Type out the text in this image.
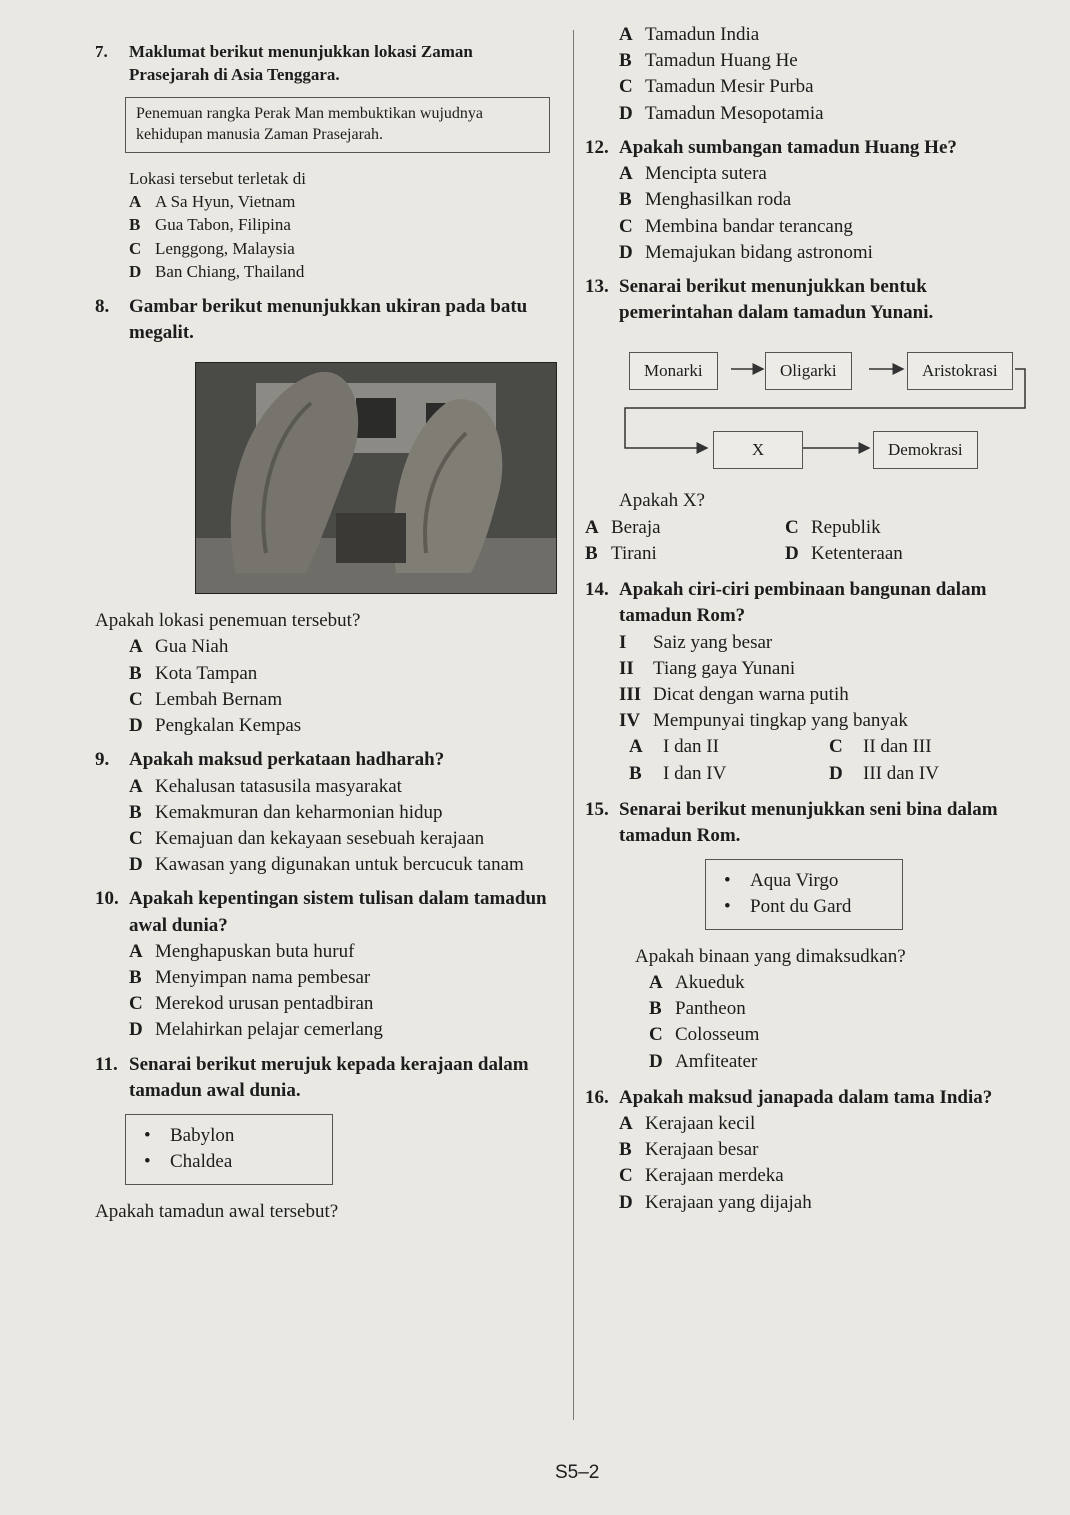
7.	Maklumat berikut menunjukkan lokasi Zaman Prasejarah di Asia Tenggara.
Penemuan rangka Perak Man membuktikan wujudnya kehidupan manusia Zaman Prasejarah.
Lokasi tersebut terletak di
A A Sa Hyun, Vietnam
B Gua Tabon, Filipina
C Lenggong, Malaysia
D Ban Chiang, Thailand
8.	Gambar berikut menunjukkan ukiran pada batu megalit.
Apakah lokasi penemuan tersebut?
A Gua Niah
B Kota Tampan
C Lembah Bernam
D Pengkalan Kempas
9.	Apakah maksud perkataan hadharah?
A Kehalusan tatasusila masyarakat
B Kemakmuran dan keharmonian hidup
C Kemajuan dan kekayaan sesebuah kerajaan
D Kawasan yang digunakan untuk bercucuk tanam
10. Apakah kepentingan sistem tulisan dalam tamadun awal dunia?
A Menghapuskan buta huruf
B Menyimpan nama pembesar
C Merekod urusan pentadbiran
D Melahirkan pelajar cemerlang
11. Senarai berikut merujuk kepada kerajaan dalam tamadun awal dunia.
• Babylon
• Chaldea
Apakah tamadun awal tersebut?
A Tamadun India
B Tamadun Huang He
C Tamadun Mesir Purba
D Tamadun Mesopotamia
12. Apakah sumbangan tamadun Huang He?
A Mencipta sutera
B Menghasilkan roda
C Membina bandar terancang
D Memajukan bidang astronomi
13. Senarai berikut menunjukkan bentuk pemerintahan dalam tamadun Yunani.
Monarki	Oligarki	Aristokrasi
X	Demokrasi
Apakah X?
A Beraja	C Republik
B Tirani	D Ketenteraan
14. Apakah ciri-ciri pembinaan bangunan dalam tamadun Rom?
I	Saiz yang besar
II	Tiang gaya Yunani
III Dicat dengan warna putih
IV Mempunyai tingkap yang banyak
A	I dan II	C	II dan III
B	I dan IV	D	III dan IV
15. Senarai berikut menunjukkan seni bina dalam tamadun Rom.
• Aqua Virgo
• Pont du Gard
Apakah binaan yang dimaksudkan?
A Akueduk
B Pantheon
C Colosseum
D Amfiteater
16. Apakah maksud janapada dalam tama India?
A Kerajaan kecil
B Kerajaan besar
C Kerajaan merdeka
D Kerajaan yang dijajah
S5–2
